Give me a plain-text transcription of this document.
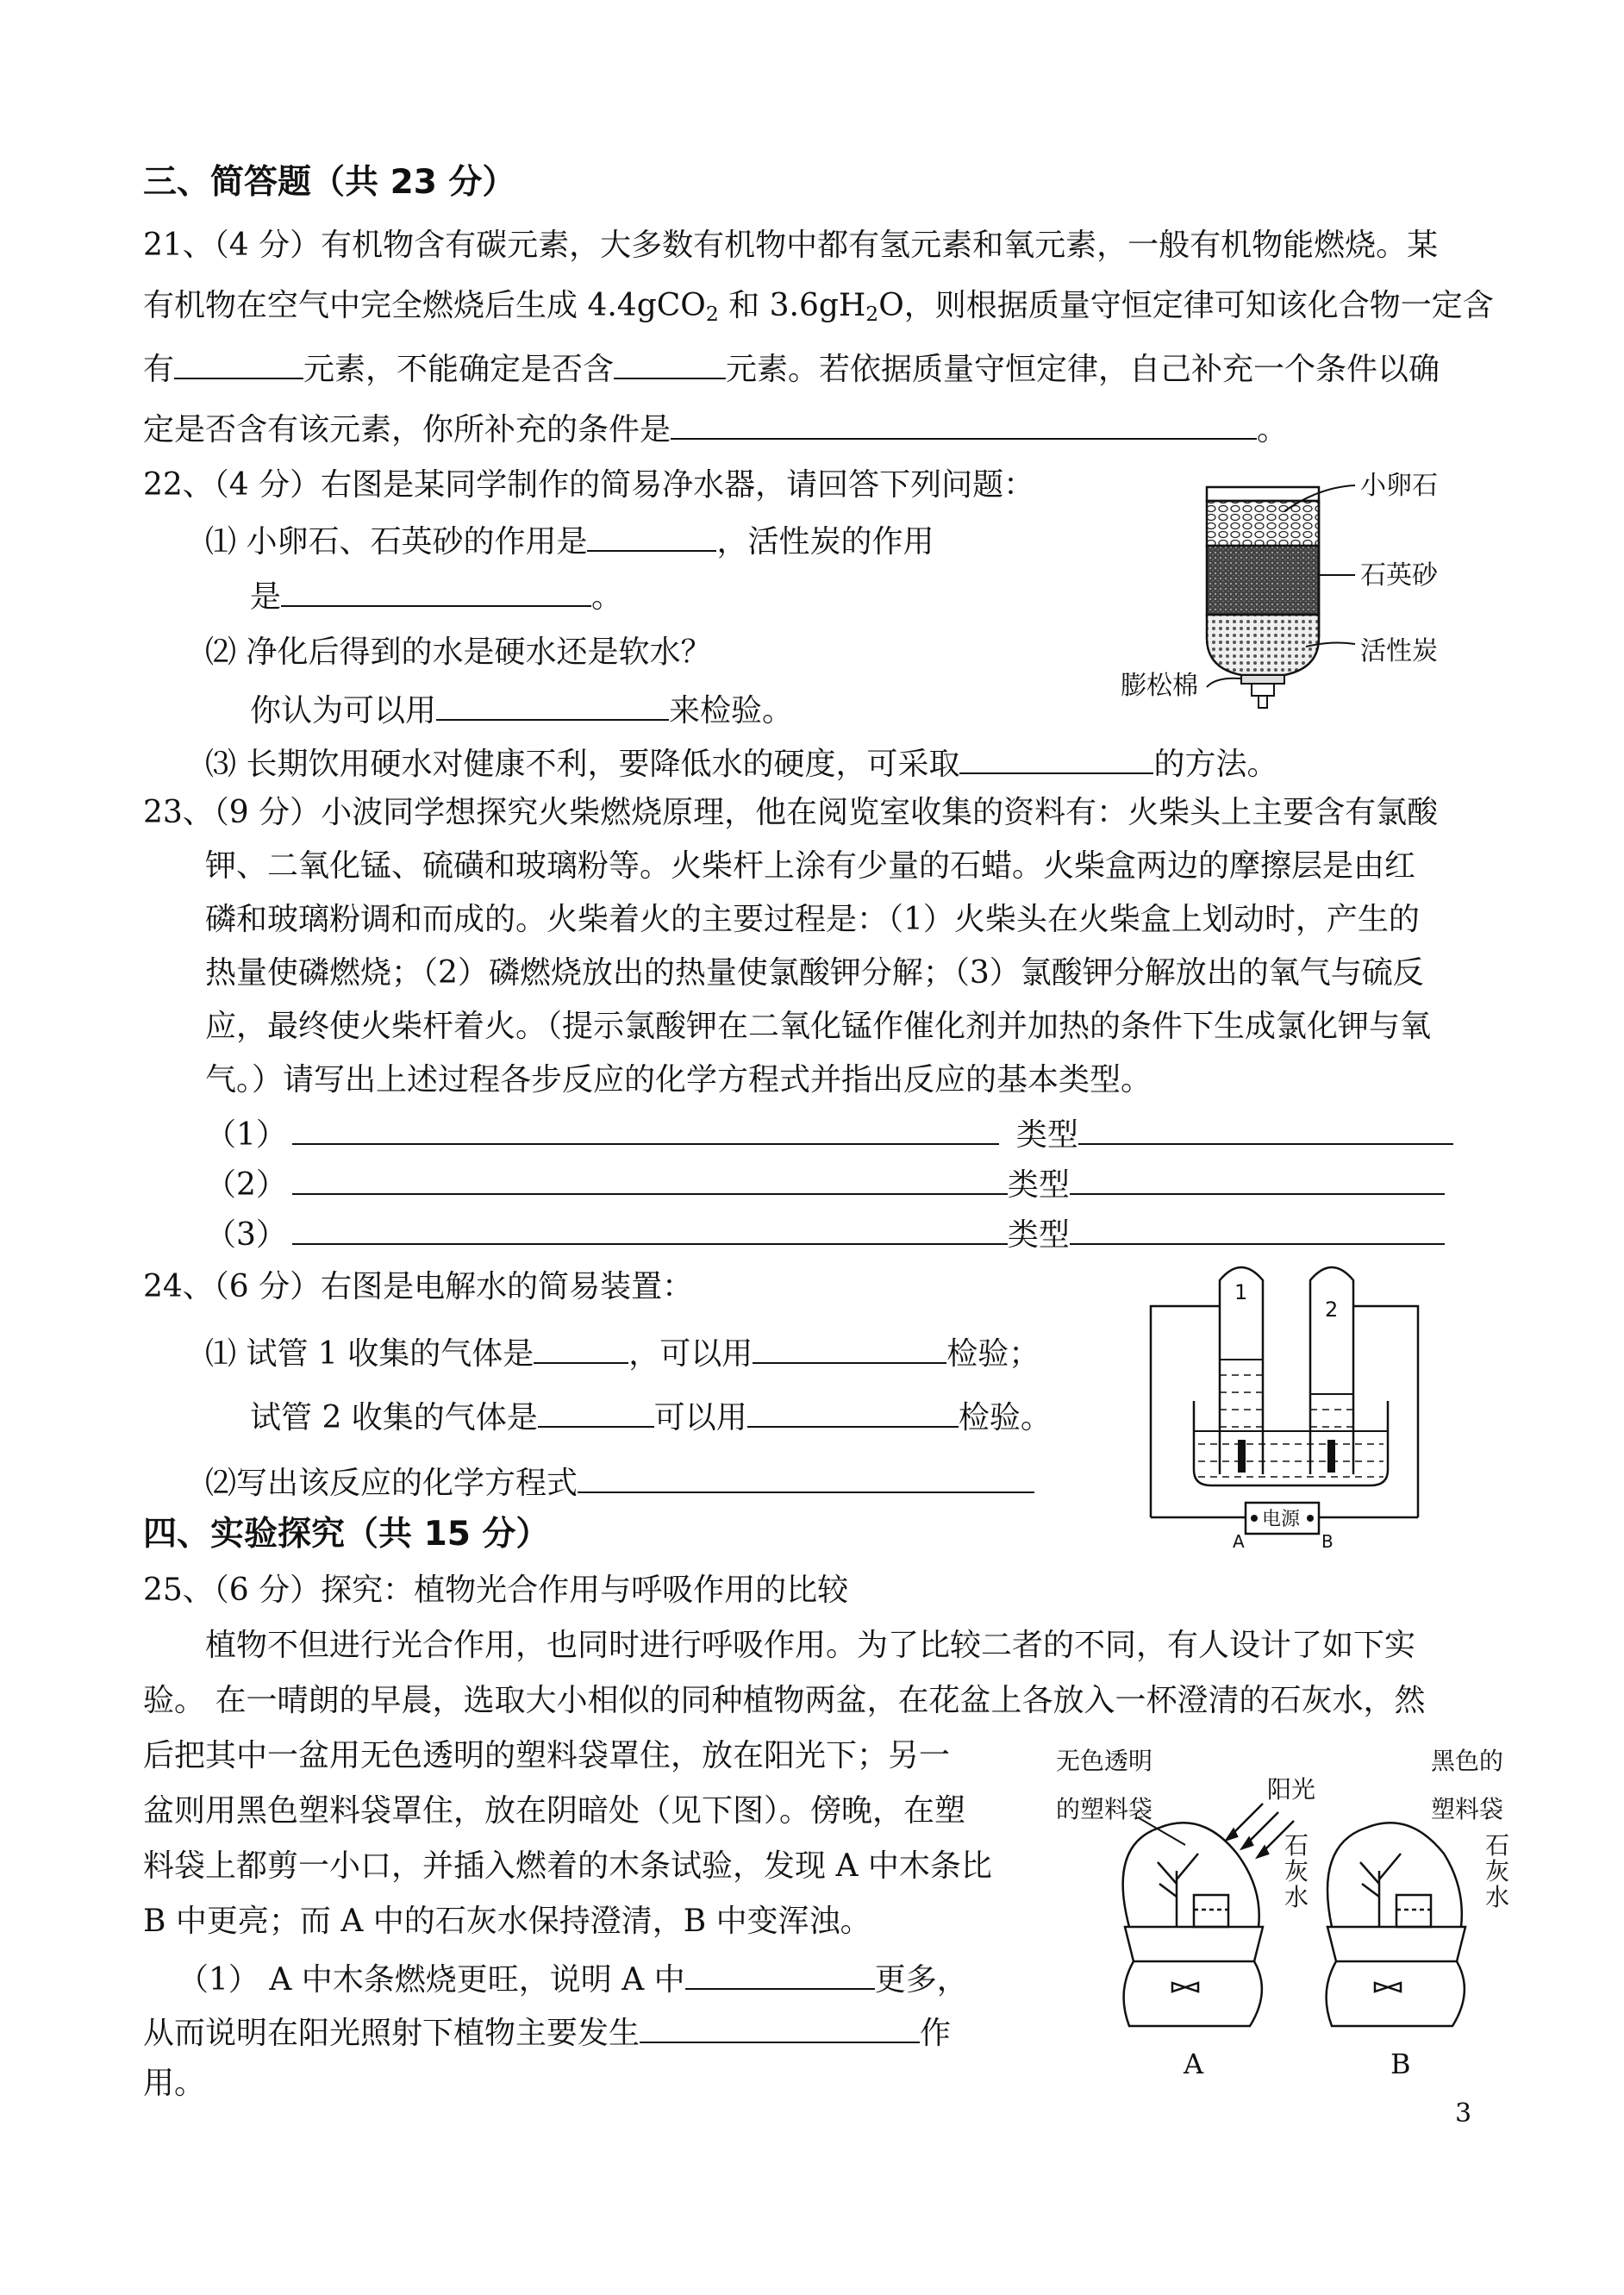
三、简答题（共 23 分）
21、（4 分）有机物含有碳元素，大多数有机物中都有氢元素和氧元素，一般有机物能燃烧。某
有机物在空气中完全燃烧后生成 4.4gCO$_2$ 和 $3.6gH_2O$，则根据质量守恒定律可知该化合物一定含
有	元素，不能确定是否含	元素。若依据质量守恒定律，自己补充一个条件以确
定是否含有该元素，你所补充的条件是	。
22、（4 分）右图是某同学制作的简易净水器，请回答下列问题：
⑴ 小卵石、石英砂的作用是	，活性炭的作用
是	。
⑵ 净化后得到的水是硬水还是软水？
你认为可以用	来检验。
⑶ 长期饮用硬水对健康不利，要降低水的硬度，可采取	的方法。
小卵石
石英砂
活性炭
膨松棉
23、（9 分）小波同学想探究火柴燃烧原理，他在阅览室收集的资料有：火柴头上主要含有氯酸
钾、二氧化锰、硫磺和玻璃粉等。火柴杆上涂有少量的石蜡。火柴盒两边的摩擦层是由红
磷和玻璃粉调和而成的。火柴着火的主要过程是：（1）火柴头在火柴盒上划动时，产生的
热量使磷燃烧；（2）磷燃烧放出的热量使氯酸钾分解；（3）氯酸钾分解放出的氧气与硫反
应，最终使火柴杆着火。（提示氯酸钾在二氧化锰作催化剂并加热的条件下生成氯化钾与氧
气。）请写出上述过程各步反应的化学方程式并指出反应的基本类型。
（1）	类型
（2）	类型
（3）	类型
24、（6 分）右图是电解水的简易装置：
⑴ 试管 1 收集的气体是	，可以用	检验；
试管 2 收集的气体是	可以用	检验。
⑵写出该反应的化学方程式
1
2
电源
A	B
四、实验探究（共 15 分）
25、（6 分）探究：植物光合作用与呼吸作用的比较
植物不但进行光合作用，也同时进行呼吸作用。为了比较二者的不同，有人设计了如下实
验。 在一晴朗的早晨，选取大小相似的同种植物两盆，在花盆上各放入一杯澄清的石灰水，然
后把其中一盆用无色透明的塑料袋罩住，放在阳光下；另一
盆则用黑色塑料袋罩住，放在阴暗处（见下图）。傍晚，在塑
料袋上都剪一小口，并插入燃着的木条试验，发现 A 中木条比
B 中更亮；而 A 中的石灰水保持澄清，B 中变浑浊。
（1） A 中木条燃烧更旺，说明 A 中	更多，
从而说明在阳光照射下植物主要发生	作
用。
无色透明
的塑料袋
阳光
黑色的
塑料袋
石
灰
水
石
灰
水
A	B
3
